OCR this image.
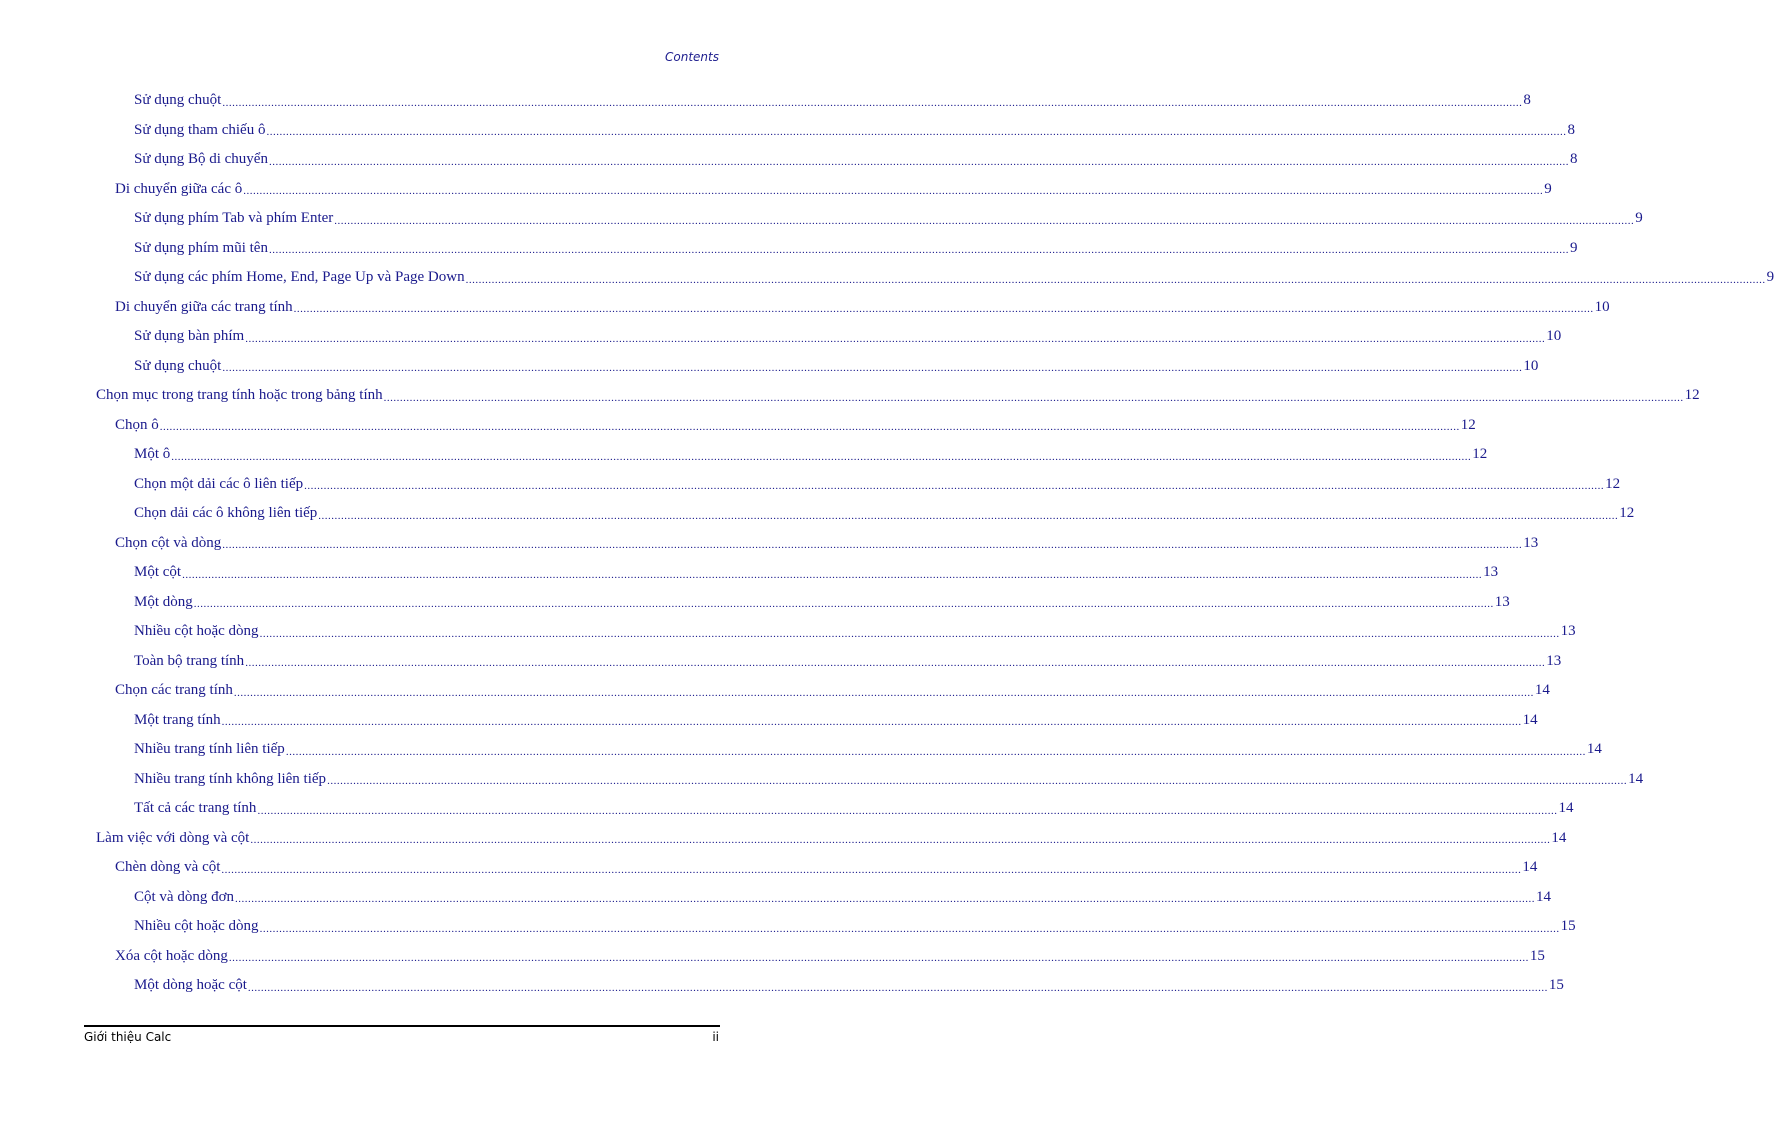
Contents
Sử dụng chuột ................................................................................................................................................................................................................................................................................................................................................................................................................ 8
Sử dụng tham chiếu ô ................................................................................................................................................................................................................................................................................................................................................................................................................ 8
Sử dụng Bộ di chuyển ................................................................................................................................................................................................................................................................................................................................................................................................................ 8
Di chuyển giữa các ô ................................................................................................................................................................................................................................................................................................................................................................................................................ 9
Sử dụng phím Tab và phím Enter ................................................................................................................................................................................................................................................................................................................................................................................................................ 9
Sử dụng phím mũi tên ................................................................................................................................................................................................................................................................................................................................................................................................................ 9
Sử dụng các phím Home, End, Page Up và Page Down ................................................................................................................................................................................................................................................................................................................................................................................................................ 9
Di chuyển giữa các trang tính ................................................................................................................................................................................................................................................................................................................................................................................................................ 10
Sử dụng bàn phím ................................................................................................................................................................................................................................................................................................................................................................................................................ 10
Sử dụng chuột ................................................................................................................................................................................................................................................................................................................................................................................................................ 10
Chọn mục trong trang tính hoặc trong bảng tính ................................................................................................................................................................................................................................................................................................................................................................................................................ 12
Chọn ô ................................................................................................................................................................................................................................................................................................................................................................................................................ 12
Một ô ................................................................................................................................................................................................................................................................................................................................................................................................................ 12
Chọn một dải các ô liên tiếp ................................................................................................................................................................................................................................................................................................................................................................................................................ 12
Chọn dải các ô không liên tiếp ................................................................................................................................................................................................................................................................................................................................................................................................................ 12
Chọn cột và dòng ................................................................................................................................................................................................................................................................................................................................................................................................................ 13
Một cột ................................................................................................................................................................................................................................................................................................................................................................................................................ 13
Một dòng ................................................................................................................................................................................................................................................................................................................................................................................................................ 13
Nhiều cột hoặc dòng ................................................................................................................................................................................................................................................................................................................................................................................................................ 13
Toàn bộ trang tính ................................................................................................................................................................................................................................................................................................................................................................................................................ 13
Chọn các trang tính ................................................................................................................................................................................................................................................................................................................................................................................................................ 14
Một trang tính ................................................................................................................................................................................................................................................................................................................................................................................................................ 14
Nhiều trang tính liên tiếp ................................................................................................................................................................................................................................................................................................................................................................................................................ 14
Nhiều trang tính không liên tiếp ................................................................................................................................................................................................................................................................................................................................................................................................................ 14
Tất cả các trang tính ................................................................................................................................................................................................................................................................................................................................................................................................................ 14
Làm việc với dòng và cột ................................................................................................................................................................................................................................................................................................................................................................................................................ 14
Chèn dòng và cột ................................................................................................................................................................................................................................................................................................................................................................................................................ 14
Cột và dòng đơn ................................................................................................................................................................................................................................................................................................................................................................................................................ 14
Nhiều cột hoặc dòng ................................................................................................................................................................................................................................................................................................................................................................................................................ 15
Xóa cột hoặc dòng ................................................................................................................................................................................................................................................................................................................................................................................................................ 15
Một dòng hoặc cột ................................................................................................................................................................................................................................................................................................................................................................................................................ 15
Giới thiệu Calc	ii
